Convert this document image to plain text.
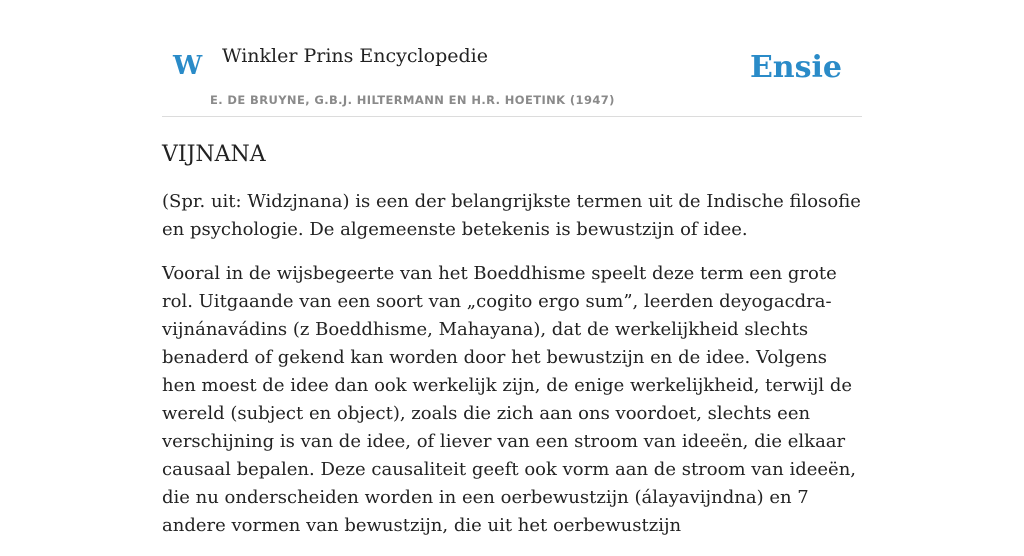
W Winkler Prins Encyclopedie	Ensie
E. DE BRUYNE, G.B.J. HILTERMANN EN H.R. HOETINK (1947)
VIJNANA

(Spr. uit: Widzjnana) is een der belangrijkste termen uit de Indische filosofie en psychologie. De algemeenste betekenis is bewustzijn of idee.

Vooral in de wijsbegeerte van het Boeddhisme speelt deze term een grote rol. Uitgaande van een soort van „cogito ergo sum”, leerden deyogacdra-vijnánavádins (z Boeddhisme, Mahayana), dat de werkelijkheid slechts benaderd of gekend kan worden door het bewustzijn en de idee. Volgens hen moest de idee dan ook werkelijk zijn, de enige werkelijkheid, terwijl de wereld (subject en object), zoals die zich aan ons voordoet, slechts een verschijning is van de idee, of liever van een stroom van ideeën, die elkaar causaal bepalen. Deze causaliteit geeft ook vorm aan de stroom van ideeën, die nu onderscheiden worden in een oerbewustzijn (álayavijndna) en 7 andere vormen van bewustzijn, die uit het oerbewustzijn
